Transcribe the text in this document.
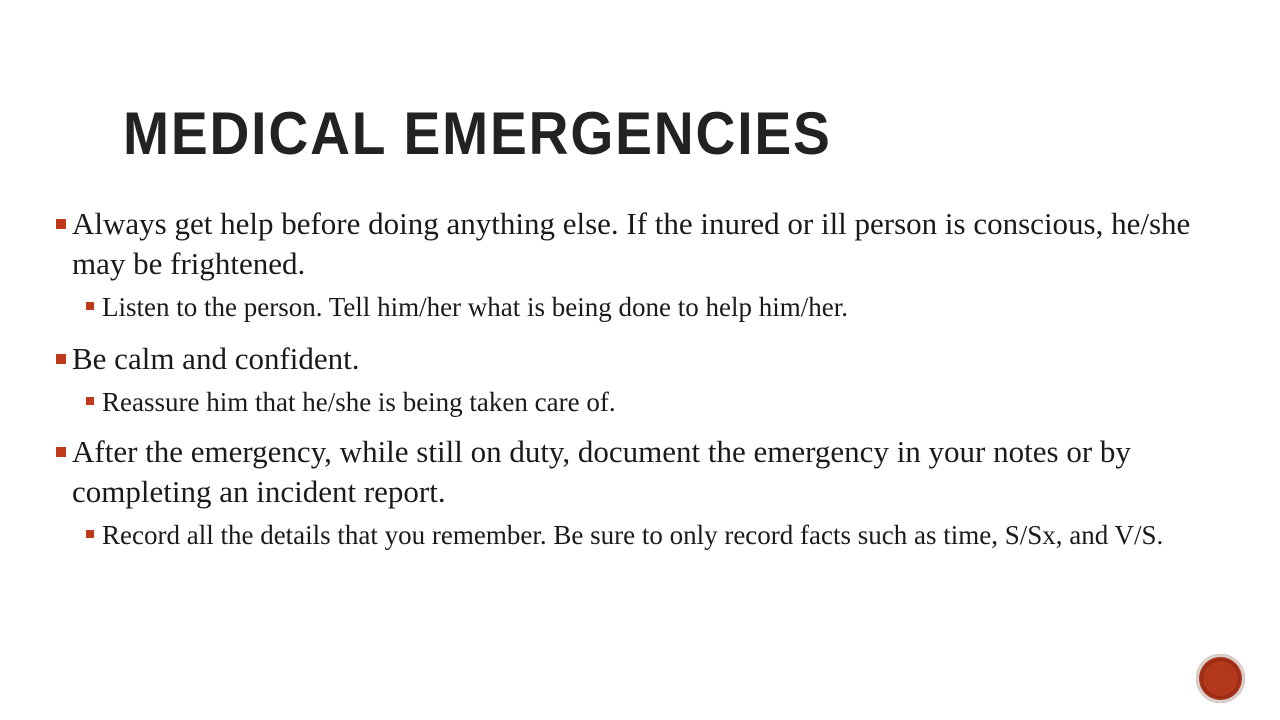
MEDICAL EMERGENCIES
Always get help before doing anything else. If the inured or ill person is conscious, he/she may be frightened.
Listen to the person. Tell him/her what is being done to help him/her.
Be calm and confident.
Reassure him that he/she is being taken care of.
After the emergency, while still on duty, document the emergency in your notes or by completing an incident report.
Record all the details that you remember. Be sure to only record facts such as time, S/Sx, and V/S.
